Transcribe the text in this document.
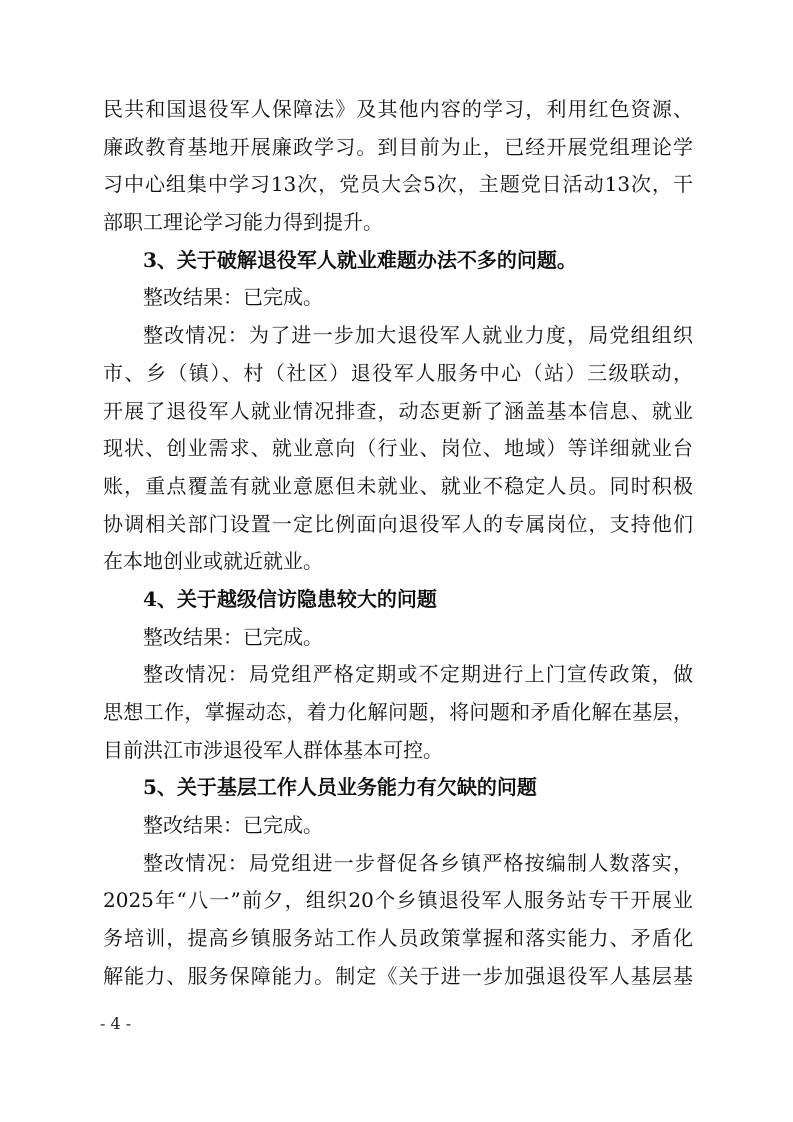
民共和国退役军人保障法》及其他内容的学习，利用红色资源、
廉政教育基地开展廉政学习。到目前为止，已经开展党组理论学
习中心组集中学习13次，党员大会5次，主题党日活动13次，干
部职工理论学习能力得到提升。
3、关于破解退役军人就业难题办法不多的问题。
整改结果：已完成。
整改情况：为了进一步加大退役军人就业力度，局党组组织
市、乡（镇）、村（社区）退役军人服务中心（站）三级联动，
开展了退役军人就业情况排查，动态更新了涵盖基本信息、就业
现状、创业需求、就业意向（行业、岗位、地域）等详细就业台
账，重点覆盖有就业意愿但未就业、就业不稳定人员。同时积极
协调相关部门设置一定比例面向退役军人的专属岗位，支持他们
在本地创业或就近就业。
4、关于越级信访隐患较大的问题
整改结果：已完成。
整改情况：局党组严格定期或不定期进行上门宣传政策，做
思想工作，掌握动态，着力化解问题，将问题和矛盾化解在基层，
目前洪江市涉退役军人群体基本可控。
5、关于基层工作人员业务能力有欠缺的问题
整改结果：已完成。
整改情况：局党组进一步督促各乡镇严格按编制人数落实，
2025年“八一”前夕，组织20个乡镇退役军人服务站专干开展业
务培训，提高乡镇服务站工作人员政策掌握和落实能力、矛盾化
解能力、服务保障能力。制定《关于进一步加强退役军人基层基
- 4 -
